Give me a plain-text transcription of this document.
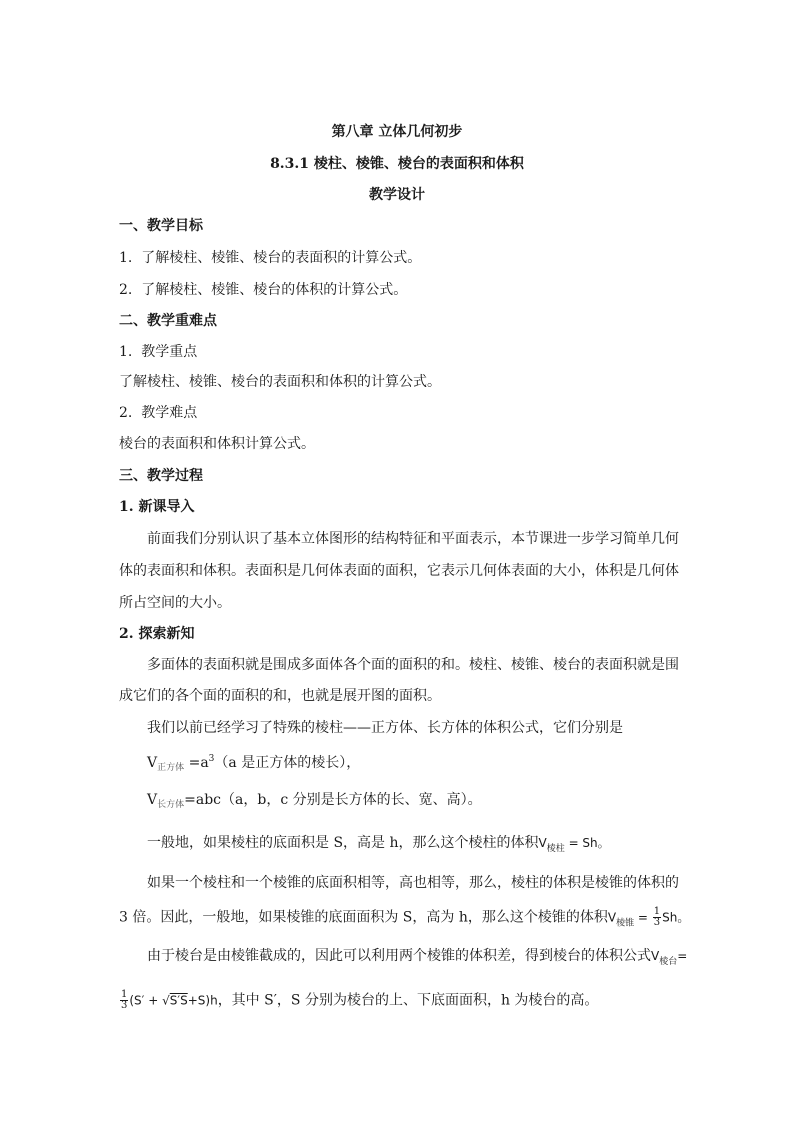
第八章 立体几何初步
8.3.1 棱柱、棱锥、棱台的表面积和体积
教学设计
一、教学目标
1. 了解棱柱、棱锥、棱台的表面积的计算公式。
2. 了解棱柱、棱锥、棱台的体积的计算公式。
二、教学重难点
1. 教学重点
了解棱柱、棱锥、棱台的表面积和体积的计算公式。
2. 教学难点
棱台的表面积和体积计算公式。
三、教学过程
1. 新课导入
前面我们分别认识了基本立体图形的结构特征和平面表示，本节课进一步学习简单几何
体的表面积和体积。表面积是几何体表面的面积，它表示几何体表面的大小，体积是几何体
所占空间的大小。
2. 探索新知
多面体的表面积就是围成多面体各个面的面积的和。棱柱、棱锥、棱台的表面积就是围
成它们的各个面的面积的和，也就是展开图的面积。
我们以前已经学习了特殊的棱柱——正方体、长方体的体积公式，它们分别是
$V_{正方体} =a^3(a$ 是正方体的棱长），
$V_{长方体}=abc(a$，b，c 分别是长方体的长、宽、高）。
一般地，如果棱柱的底面积是 S，高是 h，那么这个棱柱的体积$V_{棱柱} = Sh$。
如果一个棱柱和一个棱锥的底面积相等，高也相等，那么，棱柱的体积是棱锥的体积的
3 倍。因此，一般地，如果棱锥的底面面积为 S，高为 h，那么这个棱锥的体积$V_{棱锥} = \frac{1}{3}$ Sh。
由于棱台是由棱锥截成的，因此可以利用两个棱锥的体积差，得到棱台的体积公式$V_{棱台}=$
$\frac{1}{3} (S' + √S'S+S)h$，其中 S′，S 分别为棱台的上、下底面面积，h 为棱台的高。
